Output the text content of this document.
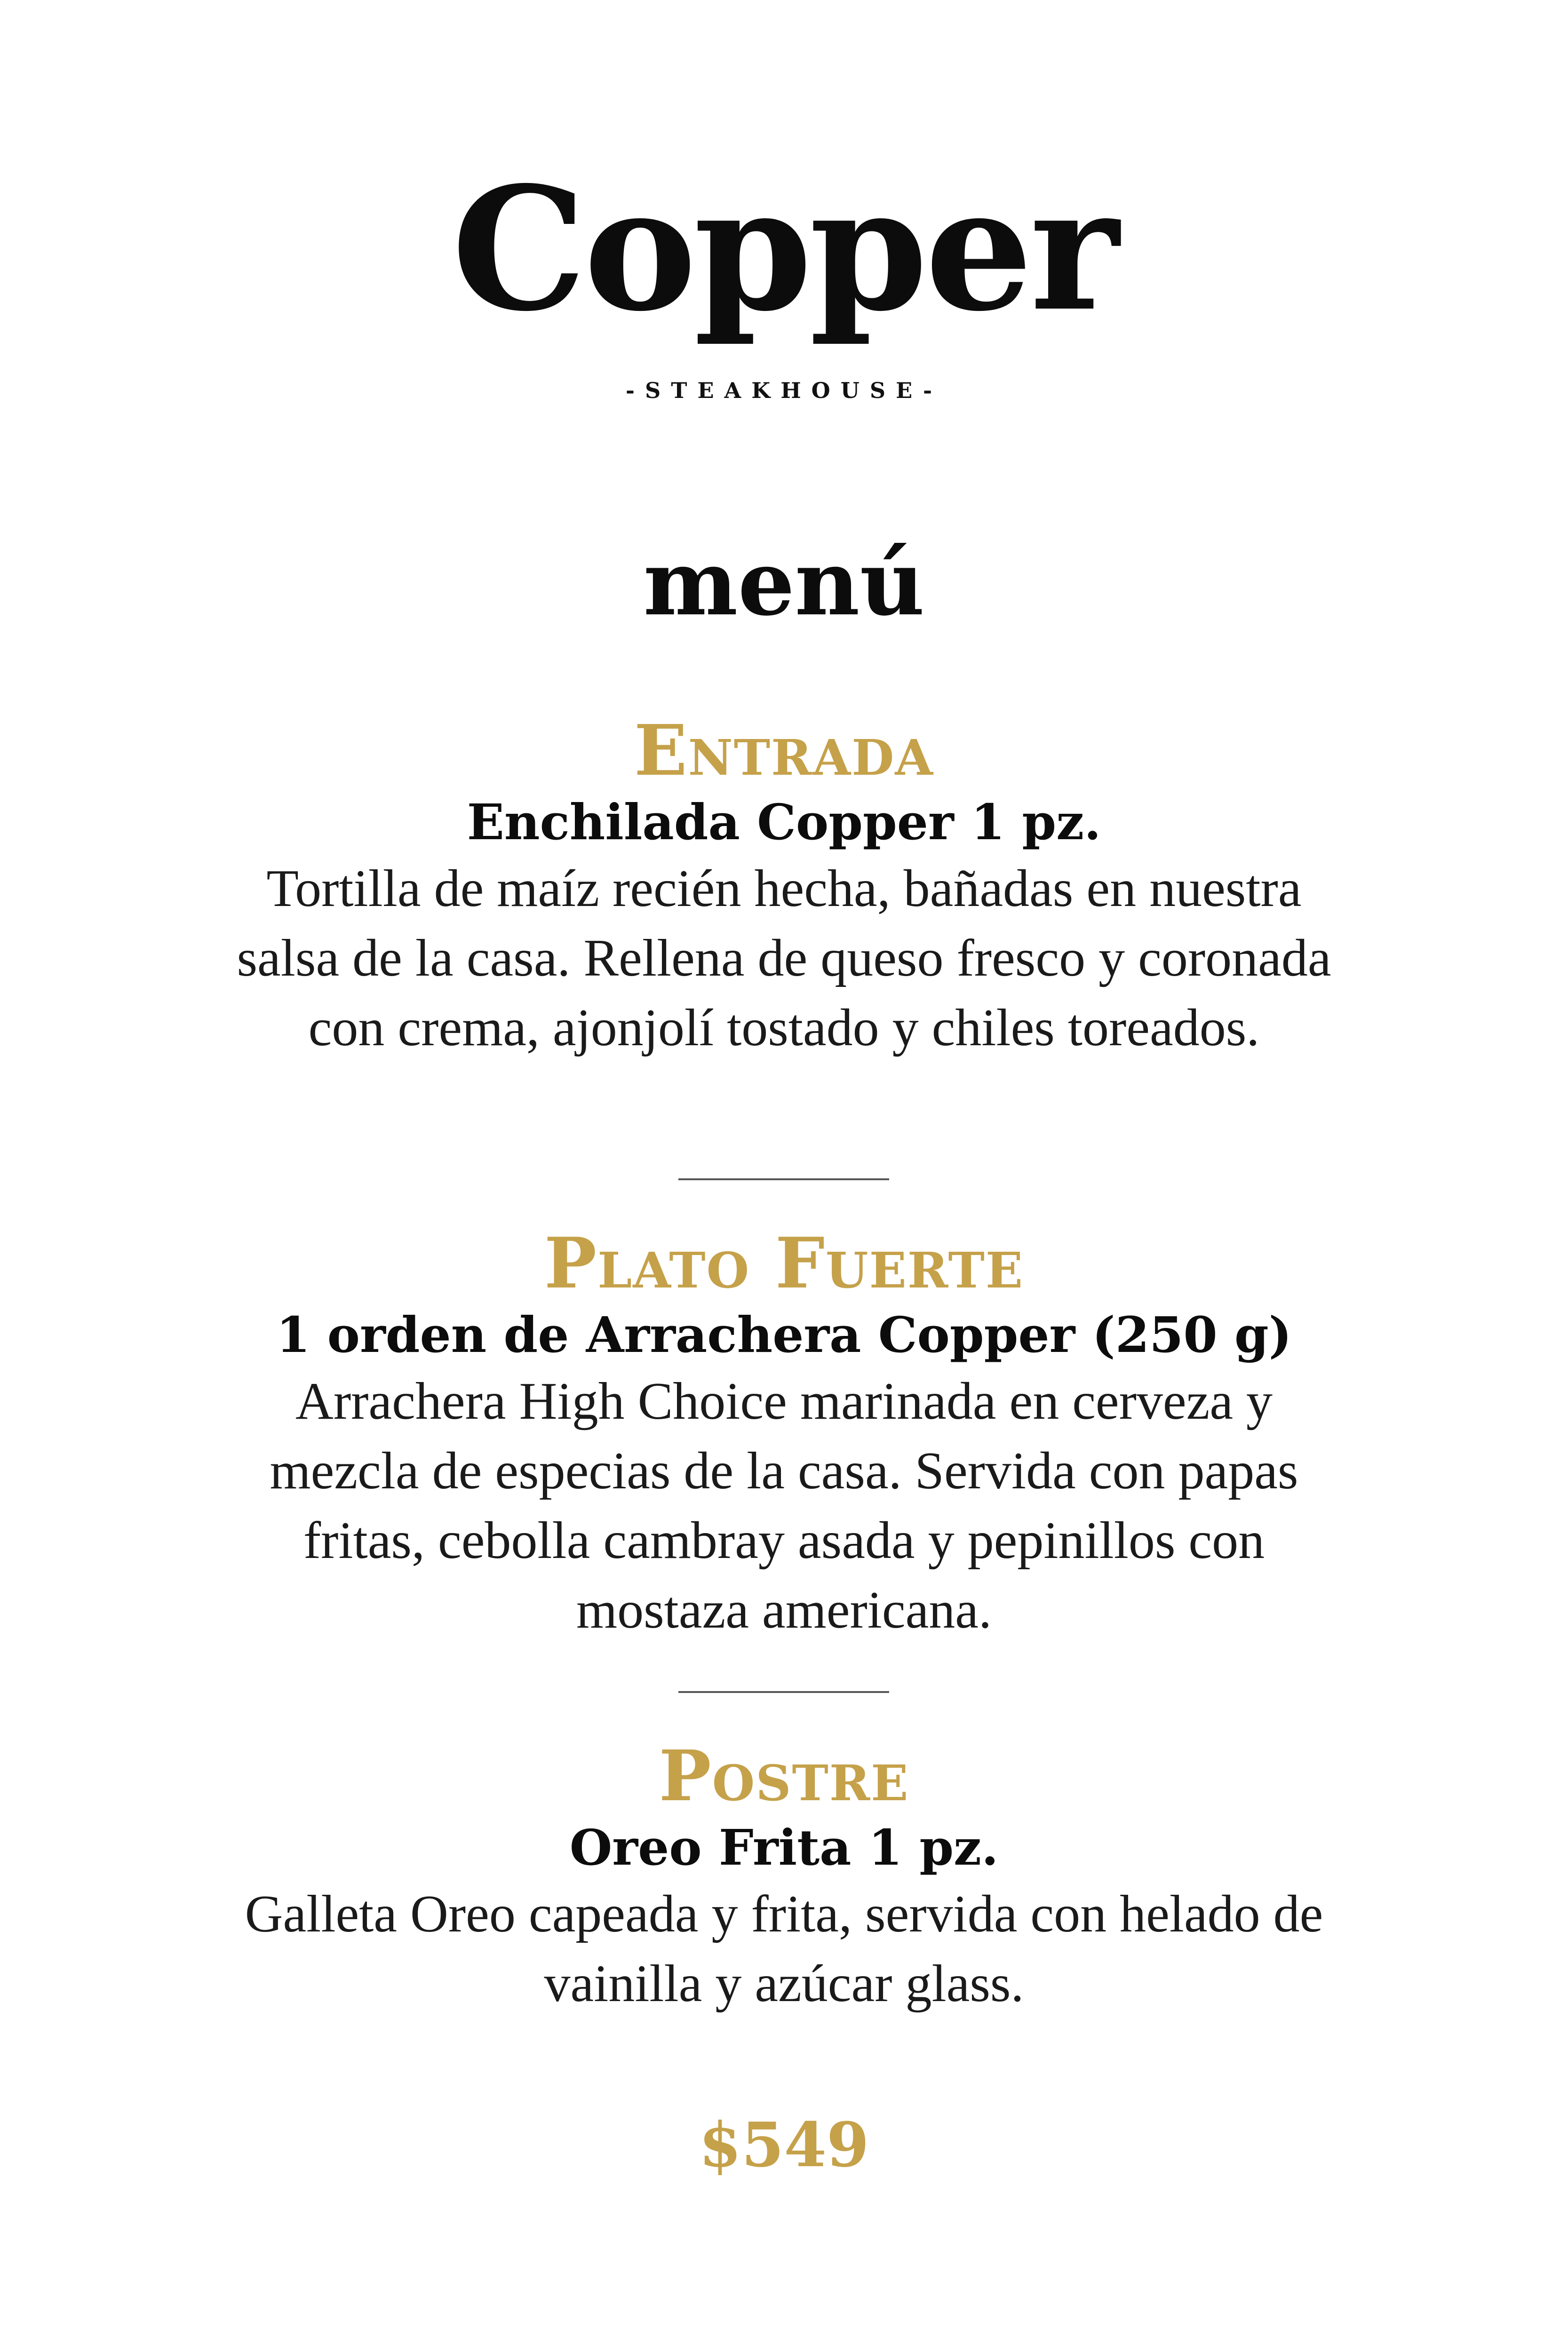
Copper
-STEAKHOUSE-
menú
Entrada
Enchilada Copper 1 pz.
Tortilla de maíz recién hecha, bañadas en nuestra salsa de la casa. Rellena de queso fresco y coronada con crema, ajonjolí tostado y chiles toreados.
Plato Fuerte
1 orden de Arrachera Copper (250 g)
Arrachera High Choice marinada en cerveza y mezcla de especias de la casa. Servida con papas fritas, cebolla cambray asada y pepinillos con mostaza americana.
Postre
Oreo Frita 1 pz.
Galleta Oreo capeada y frita, servida con helado de vainilla y azúcar glass.
$549
